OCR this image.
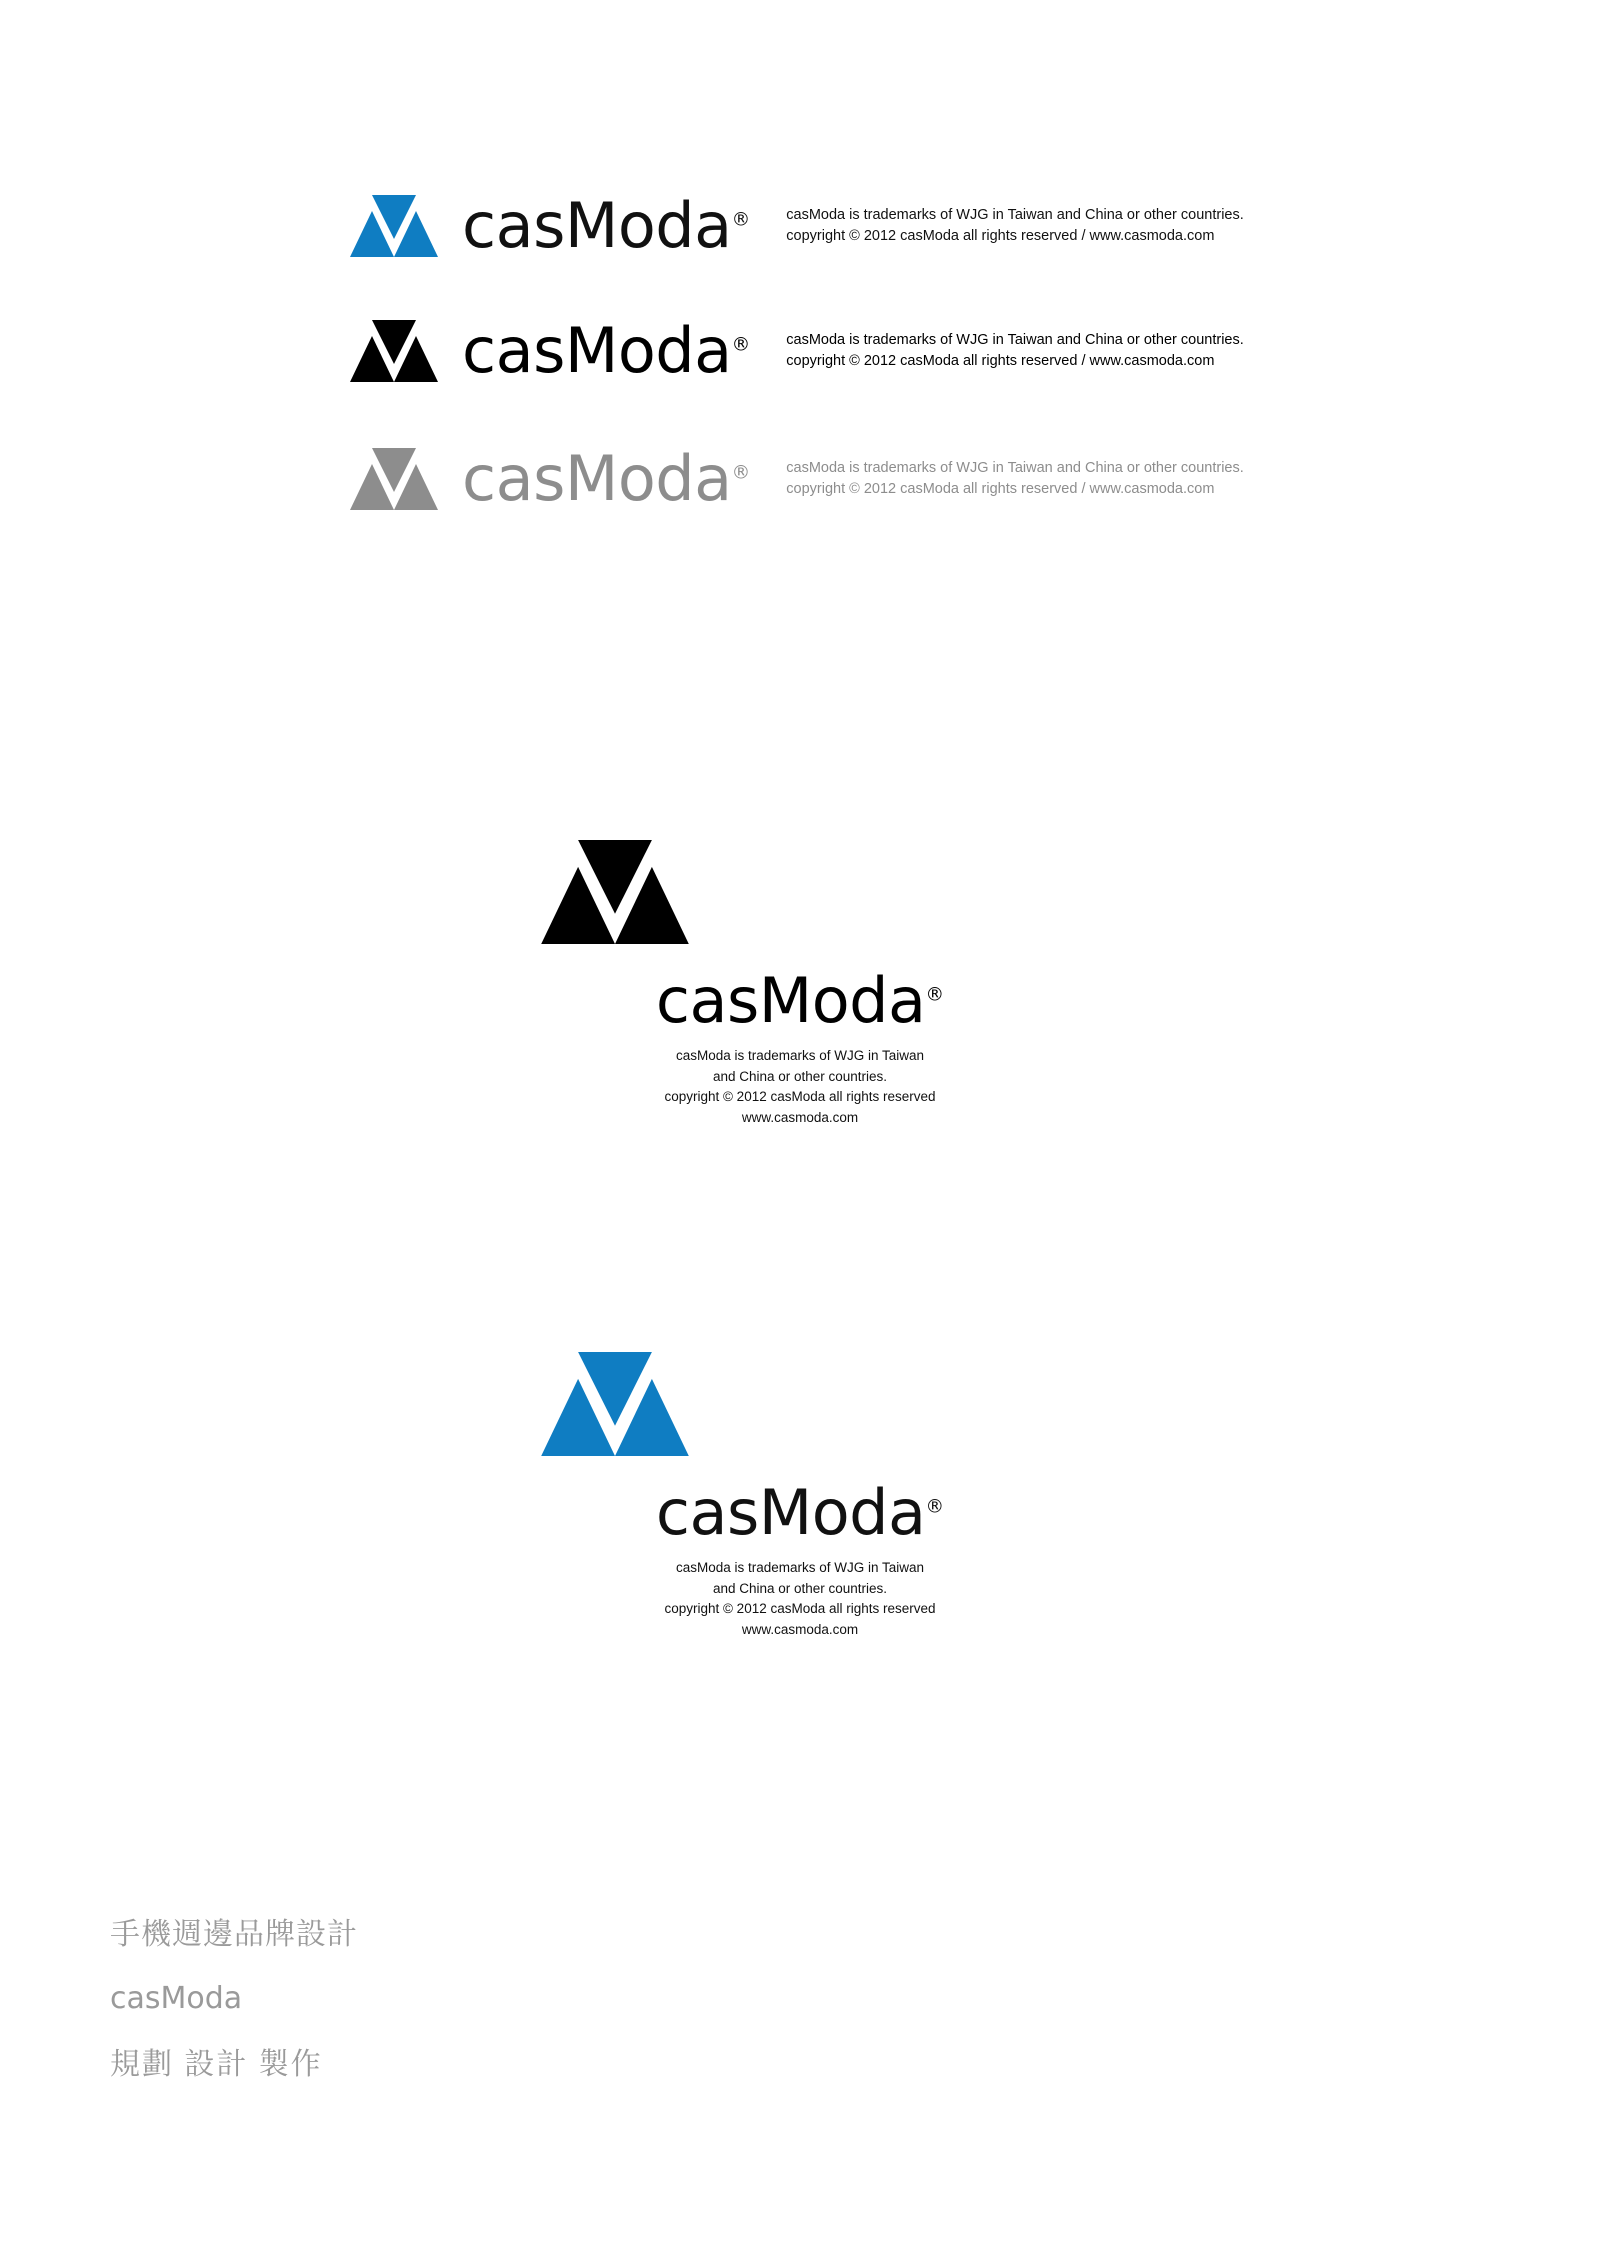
casModa® casModa is trademarks of WJG in Taiwan and China or other countries.
copyright © 2012 casModa all rights reserved / www.casmoda.com
casModa® casModa is trademarks of WJG in Taiwan and China or other countries.
copyright © 2012 casModa all rights reserved / www.casmoda.com
casModa® casModa is trademarks of WJG in Taiwan and China or other countries.
copyright © 2012 casModa all rights reserved / www.casmoda.com
casModa®
casModa is trademarks of WJG in Taiwan
and China or other countries.
copyright © 2012 casModa all rights reserved
www.casmoda.com
casModa®
casModa is trademarks of WJG in Taiwan
and China or other countries.
copyright © 2012 casModa all rights reserved
www.casmoda.com
手機週邊品牌設計
casModa
規劃 設計 製作
